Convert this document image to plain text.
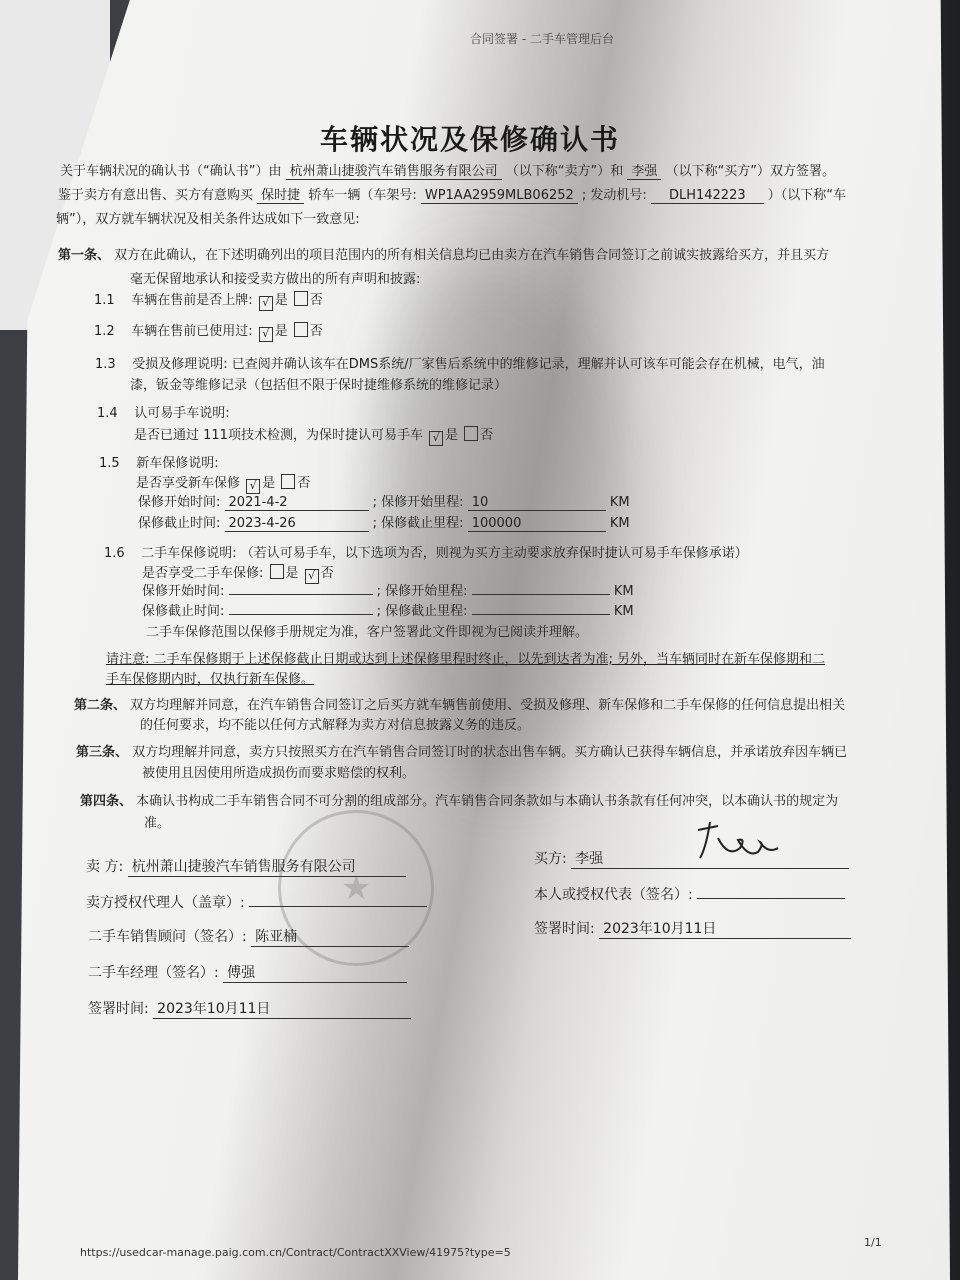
合同签署 - 二手车管理后台
车辆状况及保修确认书
关于车辆状况的确认书（“确认书”）由 杭州萧山捷骏汽车销售服务有限公司 （以下称“卖方”）和 李强 （以下称“买方”）双方签署。
鉴于卖方有意出售、买方有意购买 保时捷 轿车一辆（车架号: WP1AA2959MLB06252 ; 发动机号: DLH142223 ）（以下称“车
辆”），双方就车辆状况及相关条件达成如下一致意见:
第一条、 双方在此确认，在下述明确列出的项目范围内的所有相关信息均已由卖方在汽车销售合同签订之前诚实披露给买方，并且买方
毫无保留地承认和接受卖方做出的所有声明和披露:
1.1 车辆在售前是否上牌: √ 是 否
1.2 车辆在售前已使用过: √ 是 否
1.3 受损及修理说明: 已查阅并确认该车在DMS系统/厂家售后系统中的维修记录，理解并认可该车可能会存在机械，电气，油
漆，钣金等维修记录（包括但不限于保时捷维修系统的维修记录）
1.4 认可易手车说明:
是否已通过 111项技术检测，为保时捷认可易手车 √ 是 否
1.5 新车保修说明:
是否享受新车保修 √ 是 否
保修开始时间: 2021-4-2	; 保修开始里程: 10	KM
保修截止时间: 2023-4-26	; 保修截止里程: 100000	KM
1.6 二手车保修说明: （若认可易手车，以下选项为否，则视为买方主动要求放弃保时捷认可易手车保修承诺）
是否享受二手车保修: 是 √ 否
保修开始时间:	; 保修开始里程:	KM
保修截止时间:	; 保修截止里程:	KM
二手车保修范围以保修手册规定为准，客户签署此文件即视为已阅读并理解。
请注意: 二手车保修期于上述保修截止日期或达到上述保修里程时终止，以先到达者为准; 另外，当车辆同时在新车保修期和二
手车保修期内时，仅执行新车保修。
第二条、 双方均理解并同意，在汽车销售合同签订之后买方就车辆售前使用、受损及修理、新车保修和二手车保修的任何信息提出相关
的任何要求，均不能以任何方式解释为卖方对信息披露义务的违反。
第三条、 双方均理解并同意，卖方只按照买方在汽车销售合同签订时的状态出售车辆。买方确认已获得车辆信息，并承诺放弃因车辆已
被使用且因使用所造成损伤而要求赔偿的权利。
第四条、 本确认书构成二手车销售合同不可分割的组成部分。汽车销售合同条款如与本确认书条款有任何冲突，以本确认书的规定为
准。
★
卖 方: 杭州萧山捷骏汽车销售服务有限公司
卖方授权代理人（盖章）:
二手车销售顾问（签名）: 陈亚楠
二手车经理（签名）: 傅强
签署时间: 2023年10月11日
买方: 李强
本人或授权代表（签名）:
签署时间: 2023年10月11日
https://usedcar-manage.paig.com.cn/Contract/ContractXXView/41975?type=5
1/1
